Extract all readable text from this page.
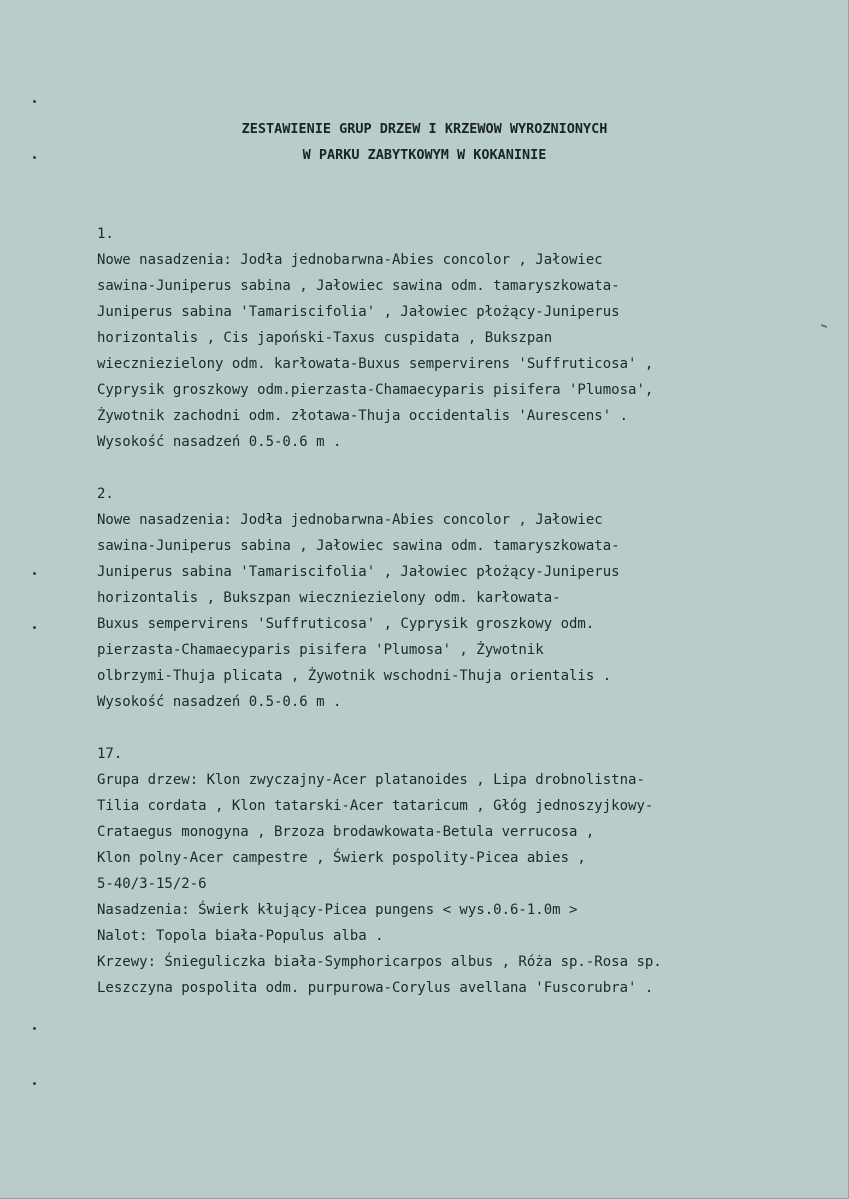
ZESTAWIENIE GRUP DRZEW I KRZEWOW WYROZNIONYCH
W PARKU ZABYTKOWYM W KOKANINIE
1.
Nowe nasadzenia: Jodła jednobarwna-Abies concolor , Jałowiec
sawina-Juniperus sabina , Jałowiec sawina odm. tamaryszkowata-
Juniperus sabina 'Tamariscifolia' , Jałowiec płożący-Juniperus
horizontalis , Cis japoński-Taxus cuspidata , Bukszpan
wieczniezielony odm. karłowata-Buxus sempervirens 'Suffruticosa' ,
Cyprysik groszkowy odm.pierzasta-Chamaecyparis pisifera 'Plumosa',
Żywotnik zachodni odm. złotawa-Thuja occidentalis 'Aurescens' .
Wysokość nasadzeń 0.5-0.6 m .
2.
Nowe nasadzenia: Jodła jednobarwna-Abies concolor , Jałowiec
sawina-Juniperus sabina , Jałowiec sawina odm. tamaryszkowata-
Juniperus sabina 'Tamariscifolia' , Jałowiec płożący-Juniperus
horizontalis , Bukszpan wieczniezielony odm. karłowata-
Buxus sempervirens 'Suffruticosa' , Cyprysik groszkowy odm.
pierzasta-Chamaecyparis pisifera 'Plumosa' , Żywotnik
olbrzymi-Thuja plicata , Żywotnik wschodni-Thuja orientalis .
Wysokość nasadzeń 0.5-0.6 m .
17.
Grupa drzew: Klon zwyczajny-Acer platanoides , Lipa drobnolistna-
Tilia cordata , Klon tatarski-Acer tataricum , Głóg jednoszyjkowy-
Crataegus monogyna , Brzoza brodawkowata-Betula verrucosa ,
Klon polny-Acer campestre , Świerk pospolity-Picea abies ,
5-40/3-15/2-6
Nasadzenia: Świerk kłujący-Picea pungens < wys.0.6-1.0m >
Nalot: Topola biała-Populus alba .
Krzewy: Śnieguliczka biała-Symphoricarpos albus , Róża sp.-Rosa sp.
Leszczyna pospolita odm. purpurowa-Corylus avellana 'Fuscorubra' .
